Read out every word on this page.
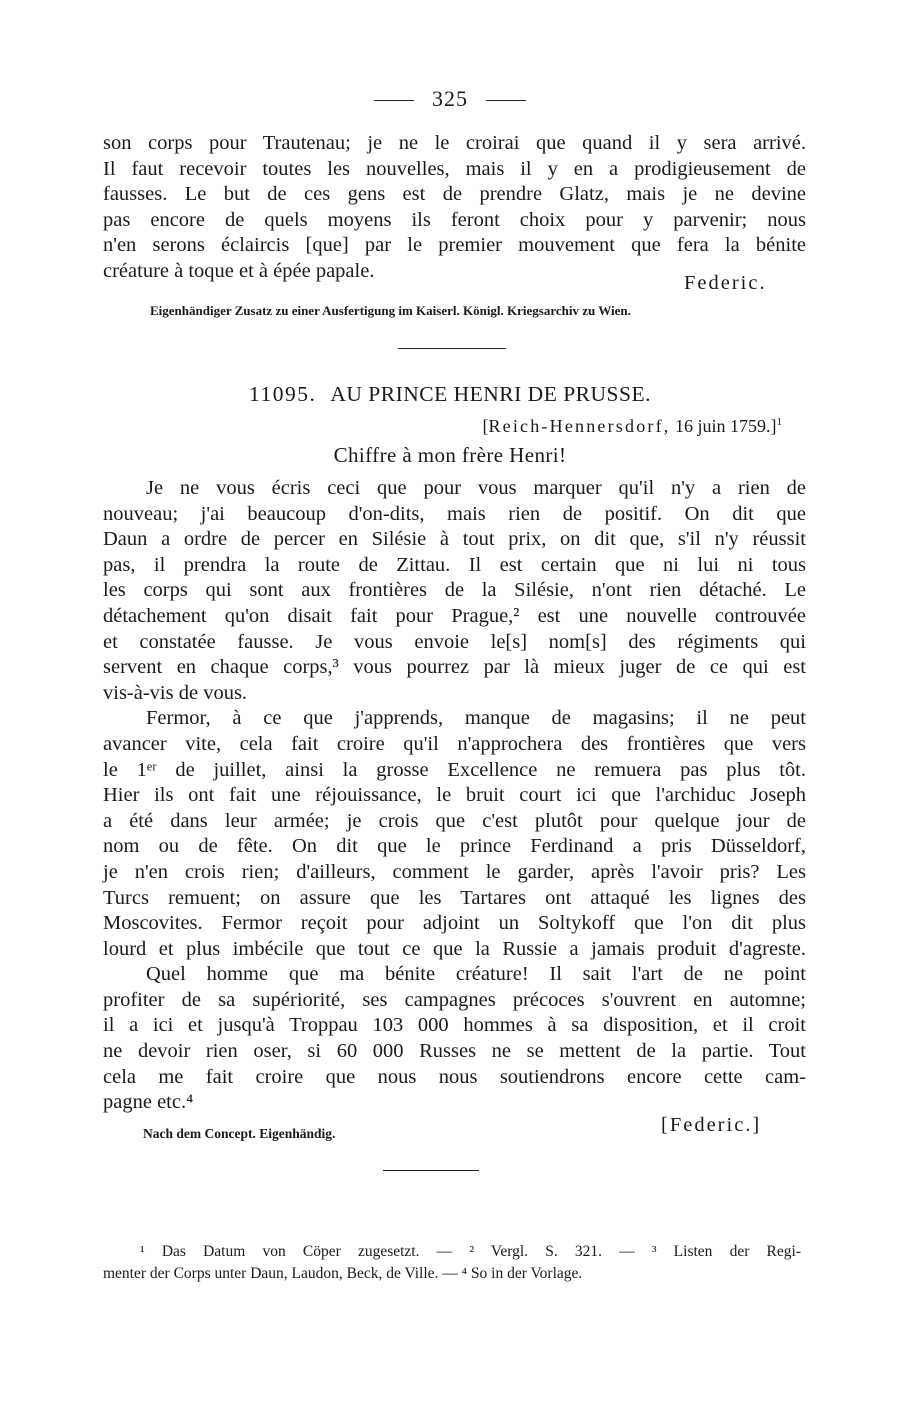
325
son corps pour Trautenau; je ne le croirai que quand il y sera arrivé.
Il faut recevoir toutes les nouvelles, mais il y en a prodigieusement de
fausses. Le but de ces gens est de prendre Glatz, mais je ne devine
pas encore de quels moyens ils feront choix pour y parvenir; nous
n'en serons éclaircis [que] par le premier mouvement que fera la bénite
créature à toque et à épée papale.
Federic.
Eigenhändiger Zusatz zu einer Ausfertigung im Kaiserl. Königl. Kriegsarchiv zu Wien.
11095. AU PRINCE HENRI DE PRUSSE.
[Reich-Hennersdorf, 16 juin 1759.]$^1$
Chiffre à mon frère Henri!
Je ne vous écris ceci que pour vous marquer qu'il n'y a rien de
nouveau; j'ai beaucoup d'on-dits, mais rien de positif. On dit que
Daun a ordre de percer en Silésie à tout prix, on dit que, s'il n'y réussit
pas, il prendra la route de Zittau. Il est certain que ni lui ni tous
les corps qui sont aux frontières de la Silésie, n'ont rien détaché. Le
détachement qu'on disait fait pour Prague,² est une nouvelle controuvée
et constatée fausse. Je vous envoie le[s] nom[s] des régiments qui
servent en chaque corps,³ vous pourrez par là mieux juger de ce qui est
vis-à-vis de vous.
Fermor, à ce que j'apprends, manque de magasins; il ne peut
avancer vite, cela fait croire qu'il n'approchera des frontières que vers
le 1ᵉʳ de juillet, ainsi la grosse Excellence ne remuera pas plus tôt.
Hier ils ont fait une réjouissance, le bruit court ici que l'archiduc Joseph
a été dans leur armée; je crois que c'est plutôt pour quelque jour de
nom ou de fête. On dit que le prince Ferdinand a pris Düsseldorf,
je n'en crois rien; d'ailleurs, comment le garder, après l'avoir pris? Les
Turcs remuent; on assure que les Tartares ont attaqué les lignes des
Moscovites. Fermor reçoit pour adjoint un Soltykoff que l'on dit plus
lourd et plus imbécile que tout ce que la Russie a jamais produit d'agreste.
Quel homme que ma bénite créature! Il sait l'art de ne point
profiter de sa supériorité, ses campagnes précoces s'ouvrent en automne;
il a ici et jusqu'à Troppau 103 000 hommes à sa disposition, et il croit
ne devoir rien oser, si 60 000 Russes ne se mettent de la partie. Tout
cela me fait croire que nous nous soutiendrons encore cette cam-
pagne etc.⁴
Nach dem Concept. Eigenhändig.	[Federic.]
¹ Das Datum von Cöper zugesetzt. — ² Vergl. S. 321. — ³ Listen der Regi-
menter der Corps unter Daun, Laudon, Beck, de Ville. — ⁴ So in der Vorlage.
